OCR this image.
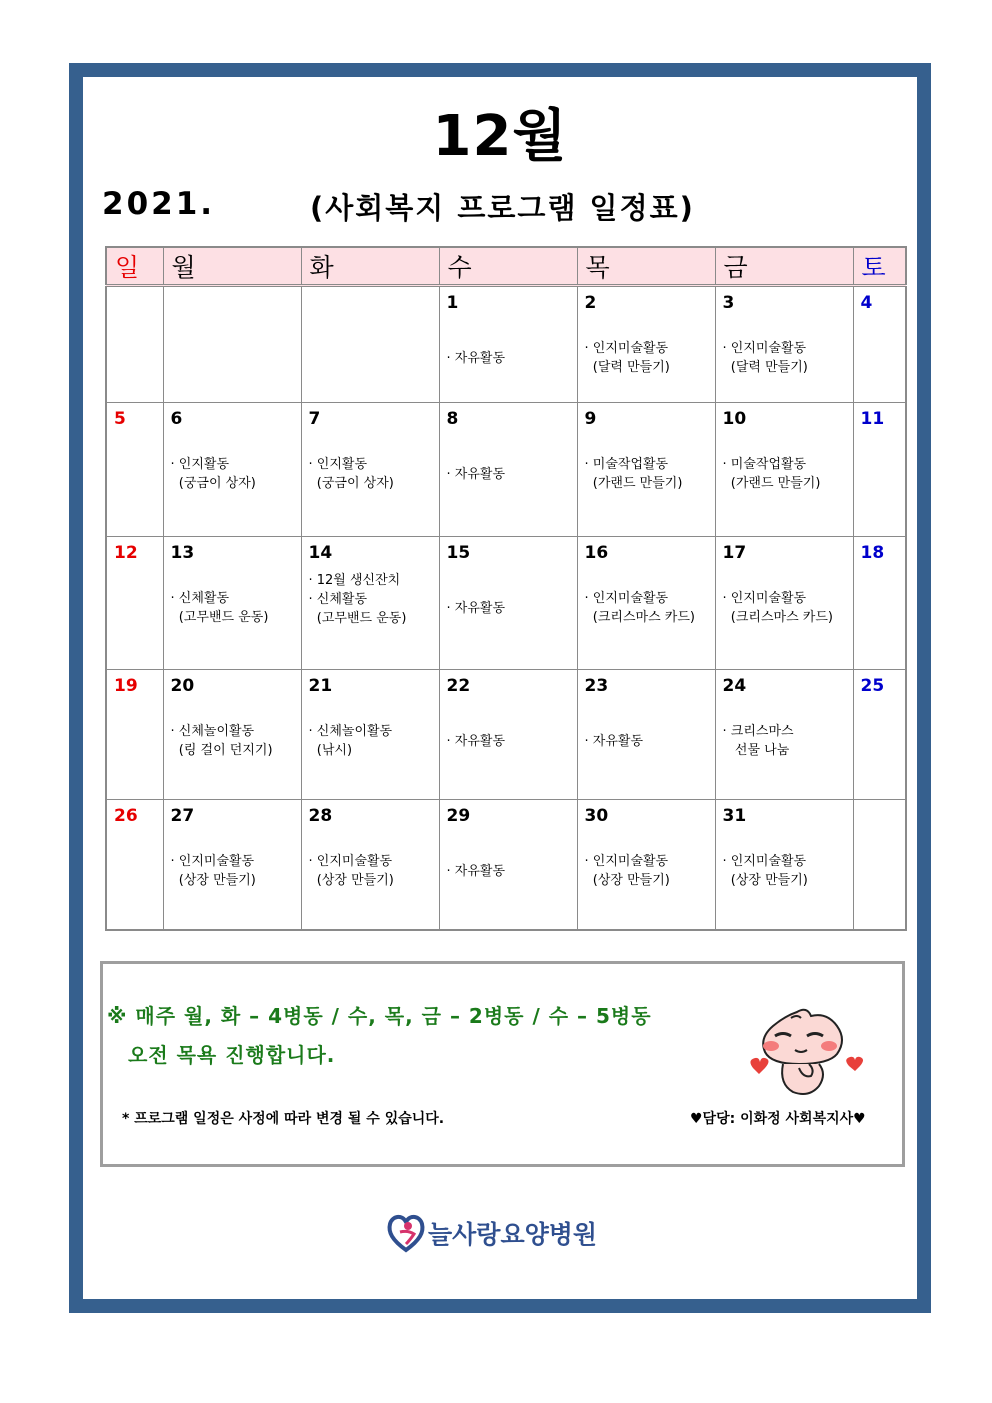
12월
2021.	(사회복지 프로그램 일정표)
일	월	화	수	목	금	토

			1
· 자유활동	2
· 인지미술활동
(달력 만들기)	3
· 인지미술활동
(달력 만들기)	4

5	6
· 인지활동
(궁금이 상자)	7
· 인지활동
(궁금이 상자)	8
· 자유활동	9
· 미술작업활동
(가랜드 만들기)	10
· 미술작업활동
(가랜드 만들기)	11

12	13
· 신체활동
(고무밴드 운동)	14
· 12월 생신잔치
· 신체활동
(고무밴드 운동)	15
· 자유활동	16
· 인지미술활동
(크리스마스 카드)	17
· 인지미술활동
(크리스마스 카드)	18

19	20
· 신체놀이활동
(링 걸이 던지기)	21
· 신체놀이활동
(낚시)	22
· 자유활동	23
· 자유활동	24
· 크리스마스
선물 나눔	25

26	27
· 인지미술활동
(상장 만들기)	28
· 인지미술활동
(상장 만들기)	29
· 자유활동	30
· 인지미술활동
(상장 만들기)	31
· 인지미술활동
(상장 만들기)	

※ 매주 월, 화 – 4병동 / 수, 목, 금 – 2병동 / 수 – 5병동
오전 목욕 진행합니다.
* 프로그램 일정은 사정에 따라 변경 될 수 있습니다.	♥담당: 이화정 사회복지사♥
늘사랑요양병원
